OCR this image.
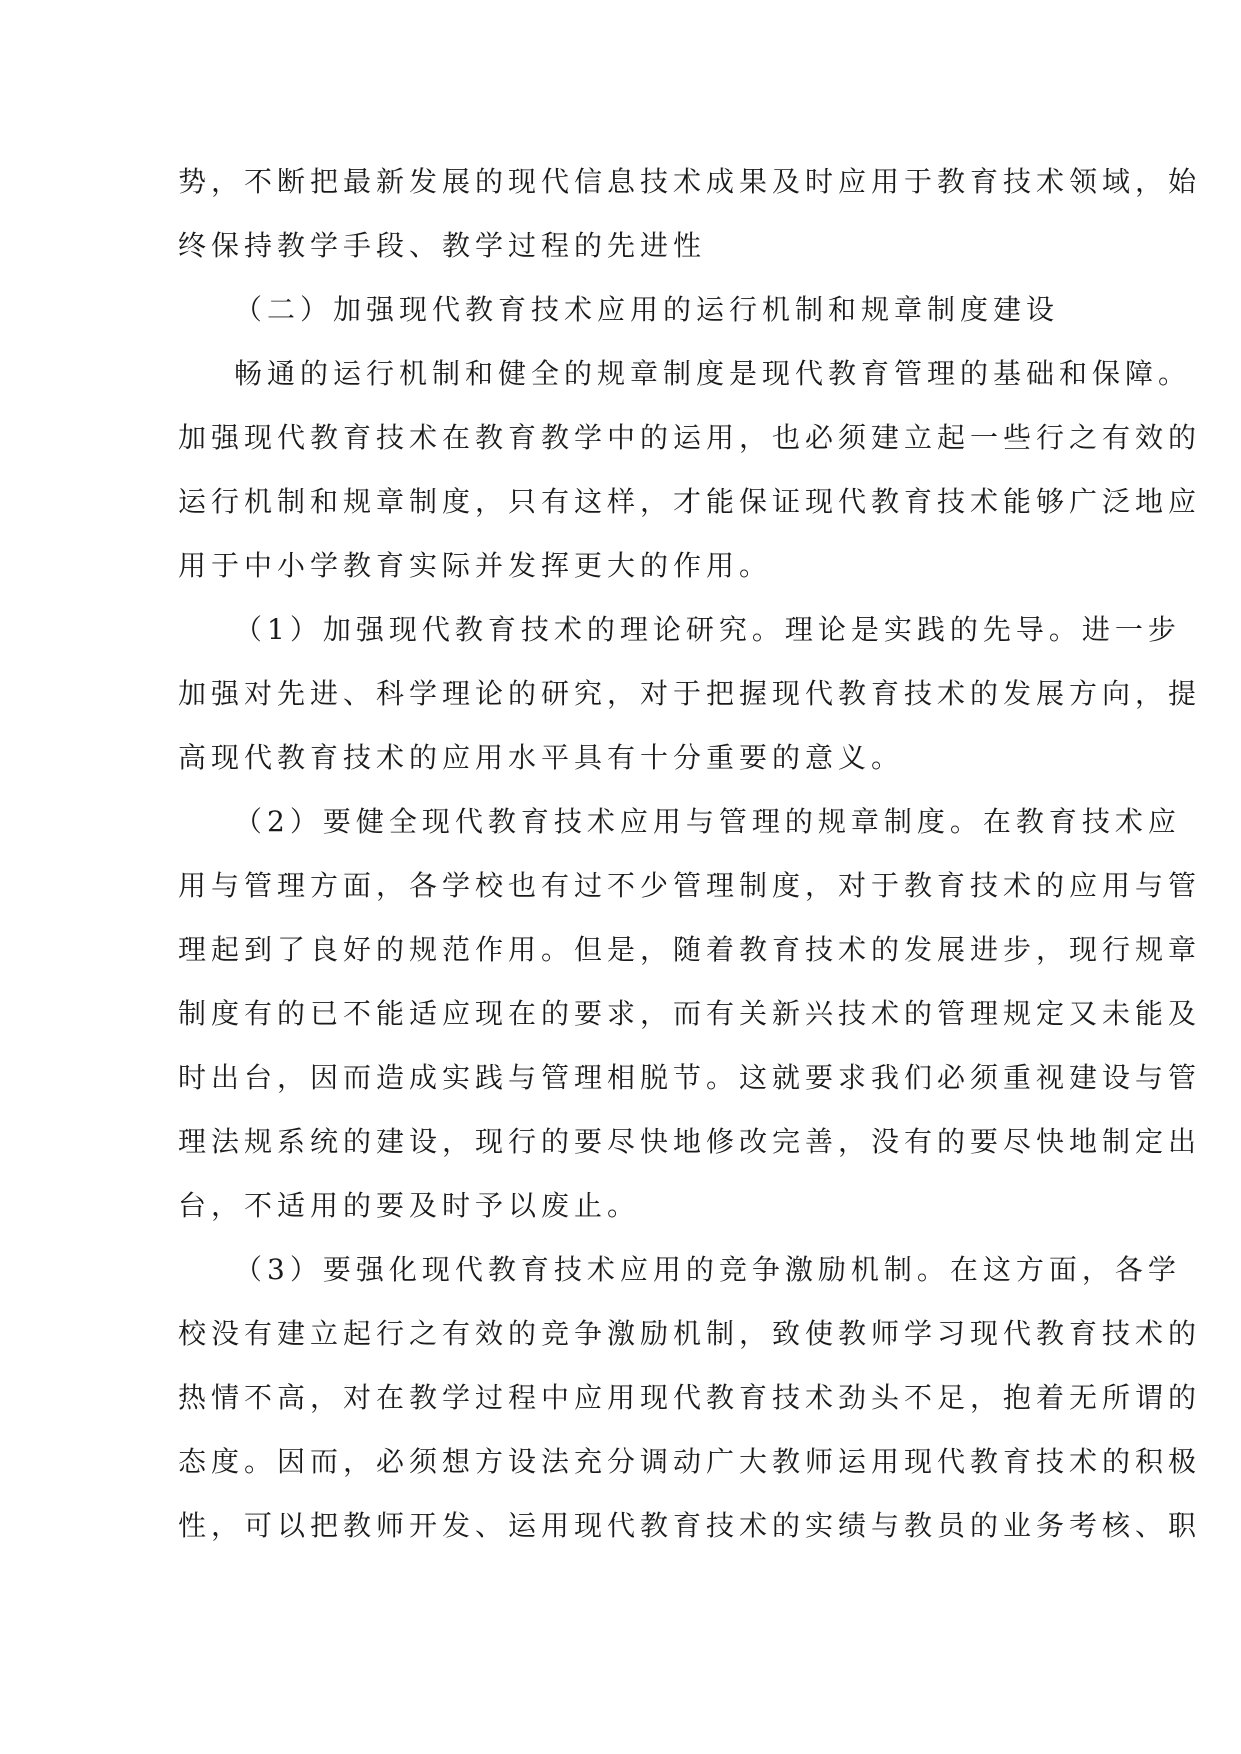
势，不断把最新发展的现代信息技术成果及时应用于教育技术领域，始
终保持教学手段、教学过程的先进性
（二）加强现代教育技术应用的运行机制和规章制度建设
畅通的运行机制和健全的规章制度是现代教育管理的基础和保障。
加强现代教育技术在教育教学中的运用，也必须建立起一些行之有效的
运行机制和规章制度，只有这样，才能保证现代教育技术能够广泛地应
用于中小学教育实际并发挥更大的作用。
（1）加强现代教育技术的理论研究。理论是实践的先导。进一步
加强对先进、科学理论的研究，对于把握现代教育技术的发展方向，提
高现代教育技术的应用水平具有十分重要的意义。
（2）要健全现代教育技术应用与管理的规章制度。在教育技术应
用与管理方面，各学校也有过不少管理制度，对于教育技术的应用与管
理起到了良好的规范作用。但是，随着教育技术的发展进步，现行规章
制度有的已不能适应现在的要求，而有关新兴技术的管理规定又未能及
时出台，因而造成实践与管理相脱节。这就要求我们必须重视建设与管
理法规系统的建设，现行的要尽快地修改完善，没有的要尽快地制定出
台，不适用的要及时予以废止。
（3）要强化现代教育技术应用的竞争激励机制。在这方面，各学
校没有建立起行之有效的竞争激励机制，致使教师学习现代教育技术的
热情不高，对在教学过程中应用现代教育技术劲头不足，抱着无所谓的
态度。因而，必须想方设法充分调动广大教师运用现代教育技术的积极
性，可以把教师开发、运用现代教育技术的实绩与教员的业务考核、职
